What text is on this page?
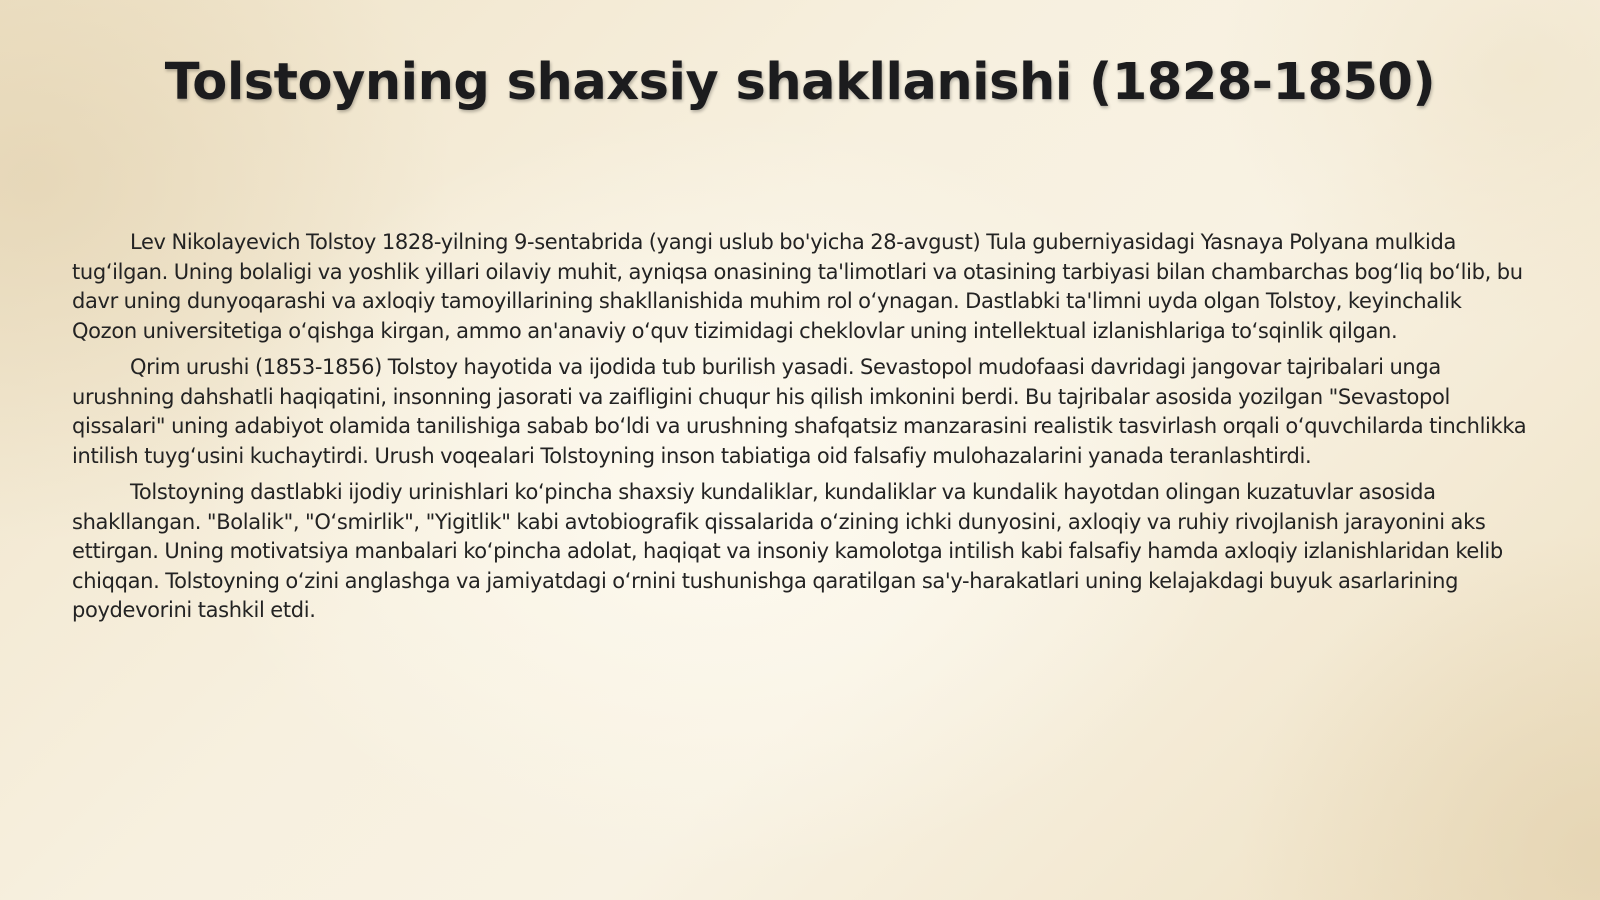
Tolstoyning shaxsiy shakllanishi (1828-1850)

Lev Nikolayevich Tolstoy 1828-yilning 9-sentabrida (yangi uslub bo'yicha 28-avgust) Tula guberniyasidagi Yasnaya Polyana mulkida tugʻilgan. Uning bolaligi va yoshlik yillari oilaviy muhit, ayniqsa onasining ta'limotlari va otasining tarbiyasi bilan chambarchas bogʻliq boʻlib, bu davr uning dunyoqarashi va axloqiy tamoyillarining shakllanishida muhim rol oʻynagan. Dastlabki ta'limni uyda olgan Tolstoy, keyinchalik Qozon universitetiga oʻqishga kirgan, ammo an'anaviy oʻquv tizimidagi cheklovlar uning intellektual izlanishlariga toʻsqinlik qilgan.

Qrim urushi (1853-1856) Tolstoy hayotida va ijodida tub burilish yasadi. Sevastopol mudofaasi davridagi jangovar tajribalari unga urushning dahshatli haqiqatini, insonning jasorati va zaifligini chuqur his qilish imkonini berdi. Bu tajribalar asosida yozilgan "Sevastopol qissalari" uning adabiyot olamida tanilishiga sabab boʻldi va urushning shafqatsiz manzarasini realistik tasvirlash orqali oʻquvchilarda tinchlikka intilish tuygʻusini kuchaytirdi. Urush voqealari Tolstoyning inson tabiatiga oid falsafiy mulohazalarini yanada teranlashtirdi.

Tolstoyning dastlabki ijodiy urinishlari koʻpincha shaxsiy kundaliklar, kundaliklar va kundalik hayotdan olingan kuzatuvlar asosida shakllangan. "Bolalik", "Oʻsmirlik", "Yigitlik" kabi avtobiografik qissalarida oʻzining ichki dunyosini, axloqiy va ruhiy rivojlanish jarayonini aks ettirgan. Uning motivatsiya manbalari koʻpincha adolat, haqiqat va insoniy kamolotga intilish kabi falsafiy hamda axloqiy izlanishlaridan kelib chiqqan. Tolstoyning oʻzini anglashga va jamiyatdagi oʻrnini tushunishga qaratilgan sa'y-harakatlari uning kelajakdagi buyuk asarlarining poydevorini tashkil etdi.
